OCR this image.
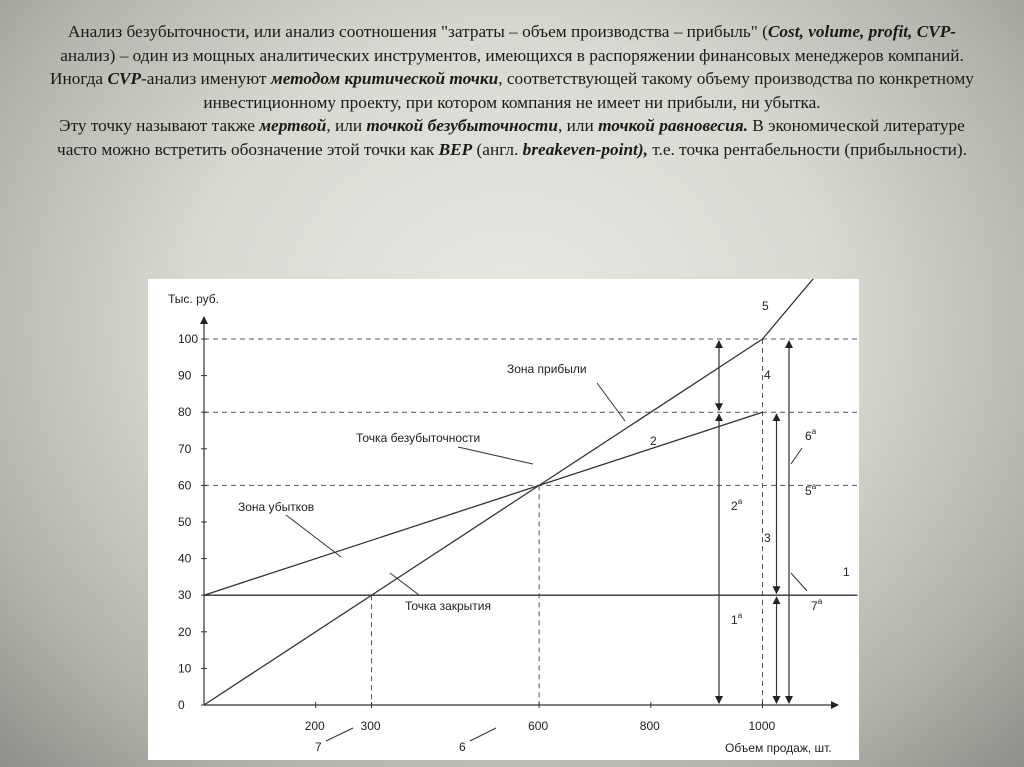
Анализ безубыточности, или анализ соотношения "затраты – объем производства – прибыль" (Cost, volume, profit, CVP- анализ) – один из мощных аналитических инструментов, имеющихся в распоряжении финансовых менеджеров компаний.
Иногда CVP-анализ именуют методом критической точки, соответствующей такому объему производства по конкретному инвестиционному проекту, при котором компания не имеет ни прибыли, ни убытка.
Эту точку называют также мертвой, или точкой безубыточности, или точкой равновесия. В экономической литературе часто можно встретить обозначение этой точки как BEP (англ. breakeven-point), т.е. точка рентабельности (прибыльности).
0
10
20
30
40
50
60
70
80
90
100
200	300	600	800	1000
Тыс. руб.
Объем продаж, шт.
Зона прибыли
Точка безубыточности
Зона убытков
Точка закрытия
5
2
1
4
3
$2^а$
$1^а$
$5^а$
$6^а$
$7^а$
7	6
